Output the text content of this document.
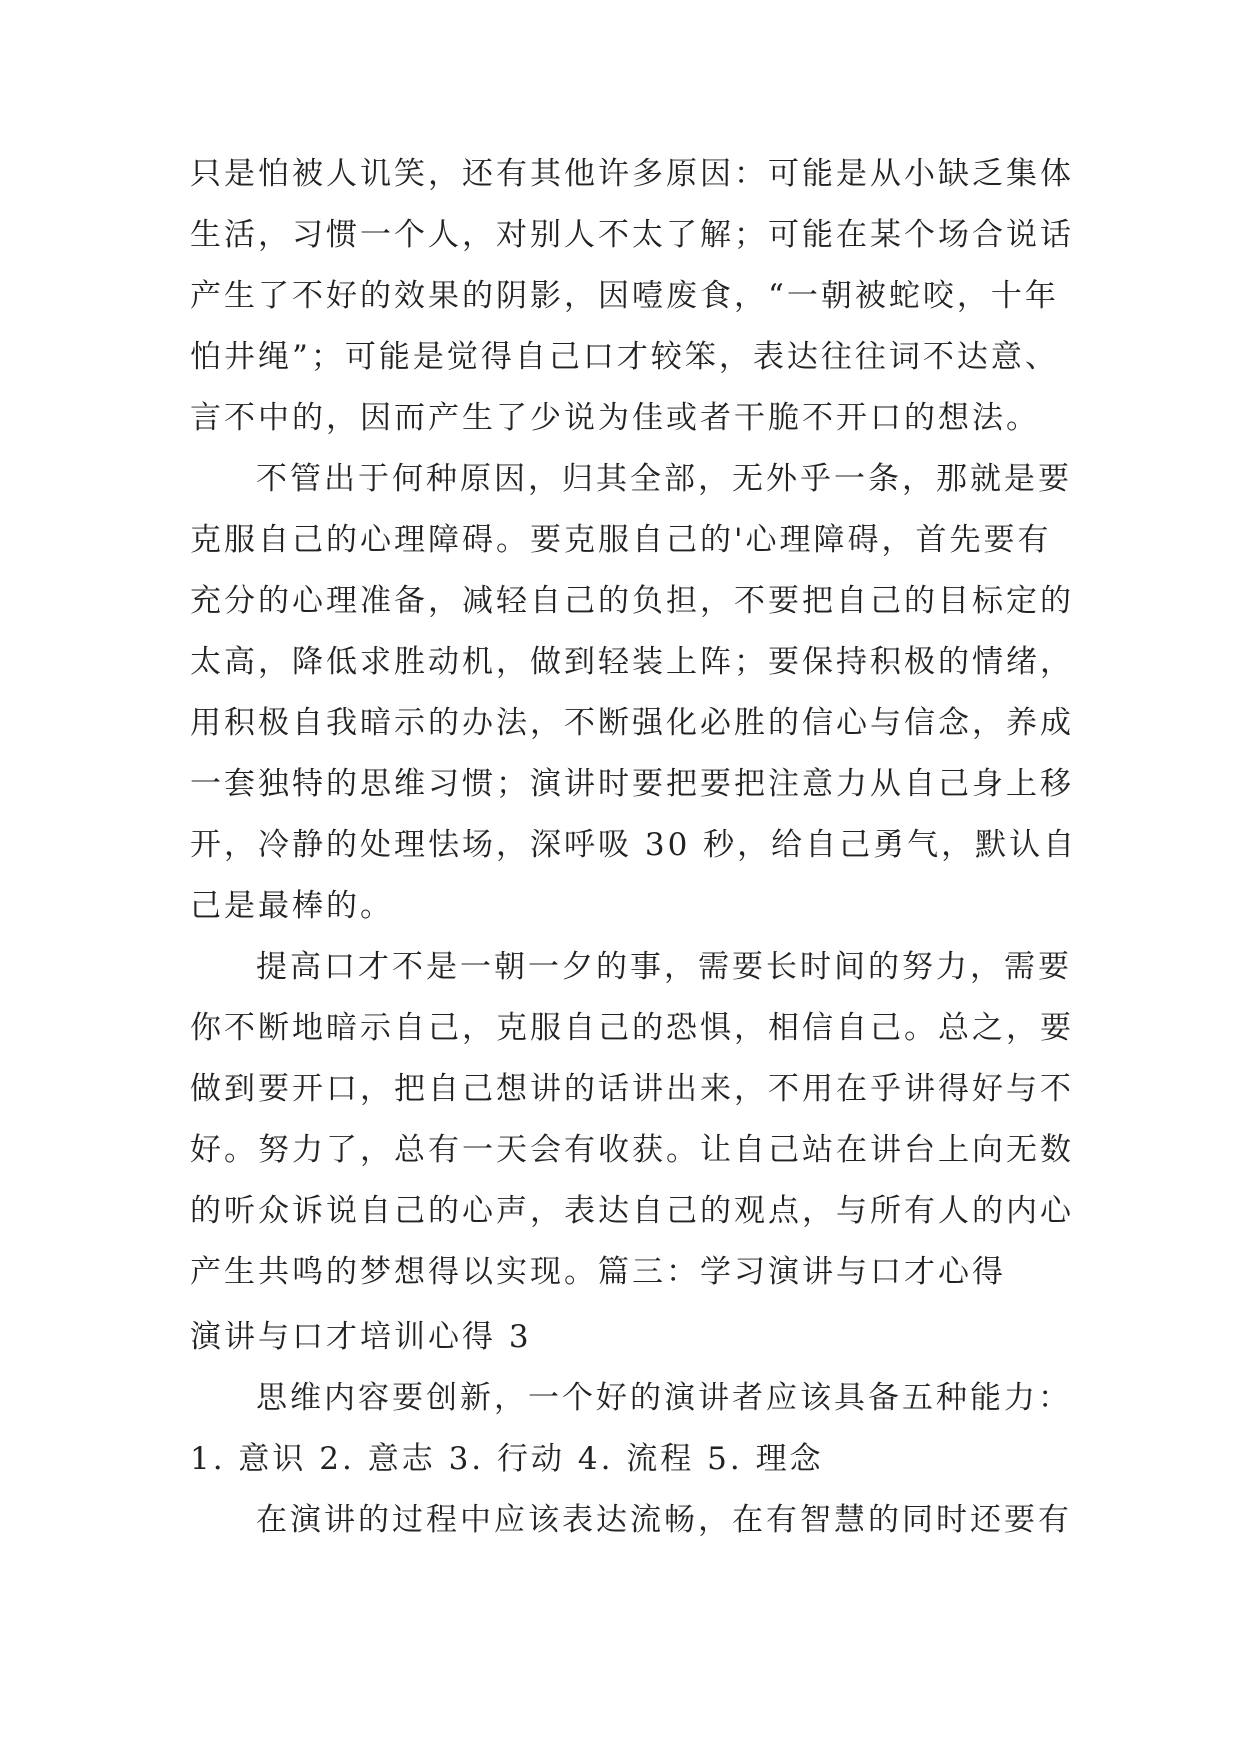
只是怕被人讥笑，还有其他许多原因：可能是从小缺乏集体
生活，习惯一个人，对别人不太了解；可能在某个场合说话
产生了不好的效果的阴影，因噎废食，“一朝被蛇咬，十年
怕井绳”；可能是觉得自己口才较笨，表达往往词不达意、
言不中的，因而产生了少说为佳或者干脆不开口的想法。
不管出于何种原因，归其全部，无外乎一条，那就是要
克服自己的心理障碍。要克服自己的'心理障碍，首先要有
充分的心理准备，减轻自己的负担，不要把自己的目标定的
太高，降低求胜动机，做到轻装上阵；要保持积极的情绪，
用积极自我暗示的办法，不断强化必胜的信心与信念，养成
一套独特的思维习惯；演讲时要把要把注意力从自己身上移
开，冷静的处理怯场，深呼吸 30 秒，给自己勇气，默认自
己是最棒的。
提高口才不是一朝一夕的事，需要长时间的努力，需要
你不断地暗示自己，克服自己的恐惧，相信自己。总之，要
做到要开口，把自己想讲的话讲出来，不用在乎讲得好与不
好。努力了，总有一天会有收获。让自己站在讲台上向无数
的听众诉说自己的心声，表达自己的观点，与所有人的内心
产生共鸣的梦想得以实现。篇三：学习演讲与口才心得
演讲与口才培训心得 3
思维内容要创新，一个好的演讲者应该具备五种能力：
1. 意识 2. 意志 3. 行动 4. 流程 5. 理念
在演讲的过程中应该表达流畅，在有智慧的同时还要有
